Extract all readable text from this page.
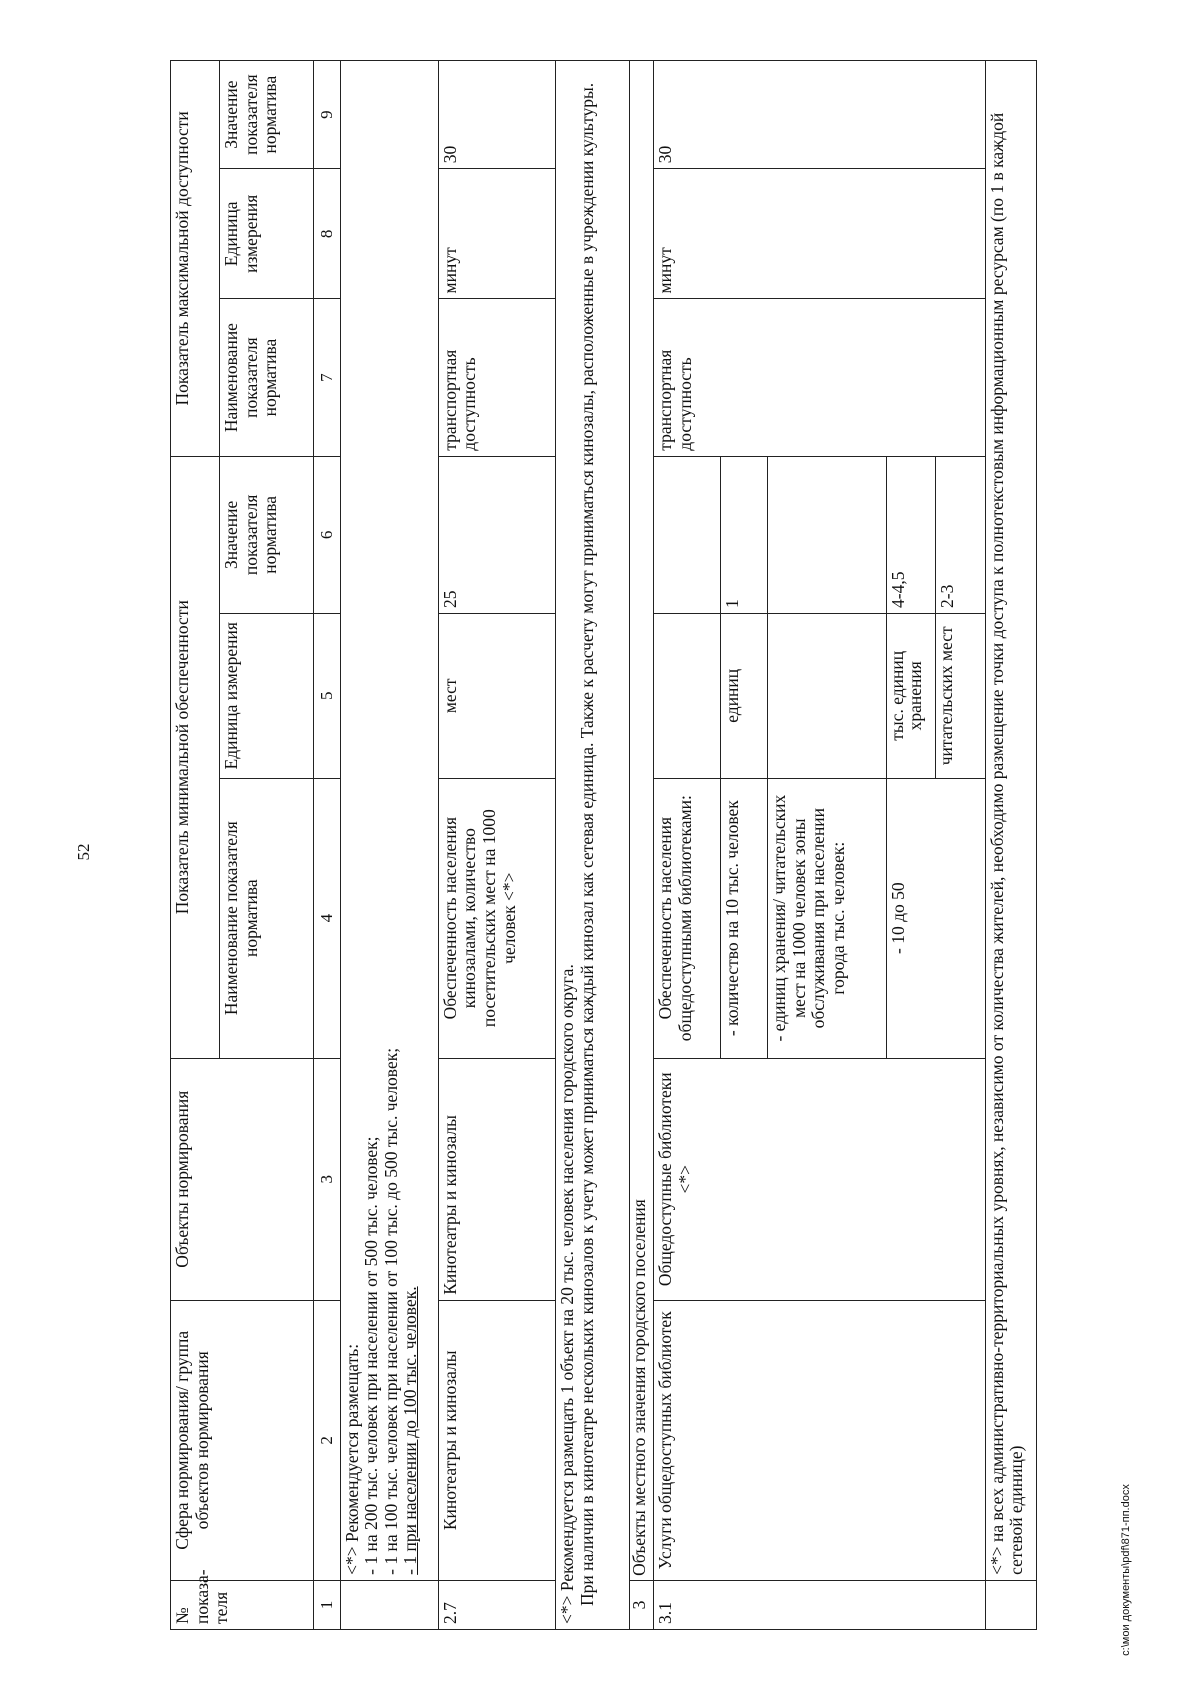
52
№ показа-теля	Сфера нормирования/ группа объектов нормирования	Объекты нормирования	Показатель минимальной обеспеченности			Показатель максимальной доступности		
			Наименование показателя норматива	Единица измерения	Значение показателя норматива	Наименование показателя норматива	Единица измерения	Значение показателя норматива
1	2	3	4	5	6	7	8	9

	<*> Рекомендуется размещать: - 1 на 200 тыс. человек при населении от 500 тыс. человек; - 1 на 100 тыс. человек при населении от 100 тыс. до 500 тыс. человек; - 1 при населении до 100 тыс. человек.							

2.7	Кинотеатры и кинозалы	Кинотеатры и кинозалы	Обеспеченность населения кинозалами, количество посетительских мест на 1000 человек <*>	мест	25	транспортная доступность	минут	30

<*> Рекомендуется размещать 1 объект на 20 тыс. человек населения городского округа. При наличии в кинотеатре нескольких кинозалов к учету может приниматься каждый кинозал как сетевая единица. Также к расчету могут приниматься кинозалы, расположенные в учреждении культуры.								

3	Объекты местного значения городского поселения							
3.1	Услуги общедоступных библиотек	Общедоступные библиотеки <*>	Обеспеченность населения общедоступными библиотеками:			транспортная доступность	минут	30
			- количество на 10 тыс. человек	единиц	1			
			- единиц хранения/ читательских мест на 1000 человек зоны обслуживания при населении города тыс. человек:					
			- 10 до 50	тыс. единиц хранения	4-4,5			
				читательских мест	2-3			
	<*> на всех административно-территориальных уровнях, независимо от количества жителей, необходимо размещение точки доступа к полнотекстовым информационным ресурсам (по 1 в каждой сетевой единице)								c:\мои документы\pdf\871-пп.docx
